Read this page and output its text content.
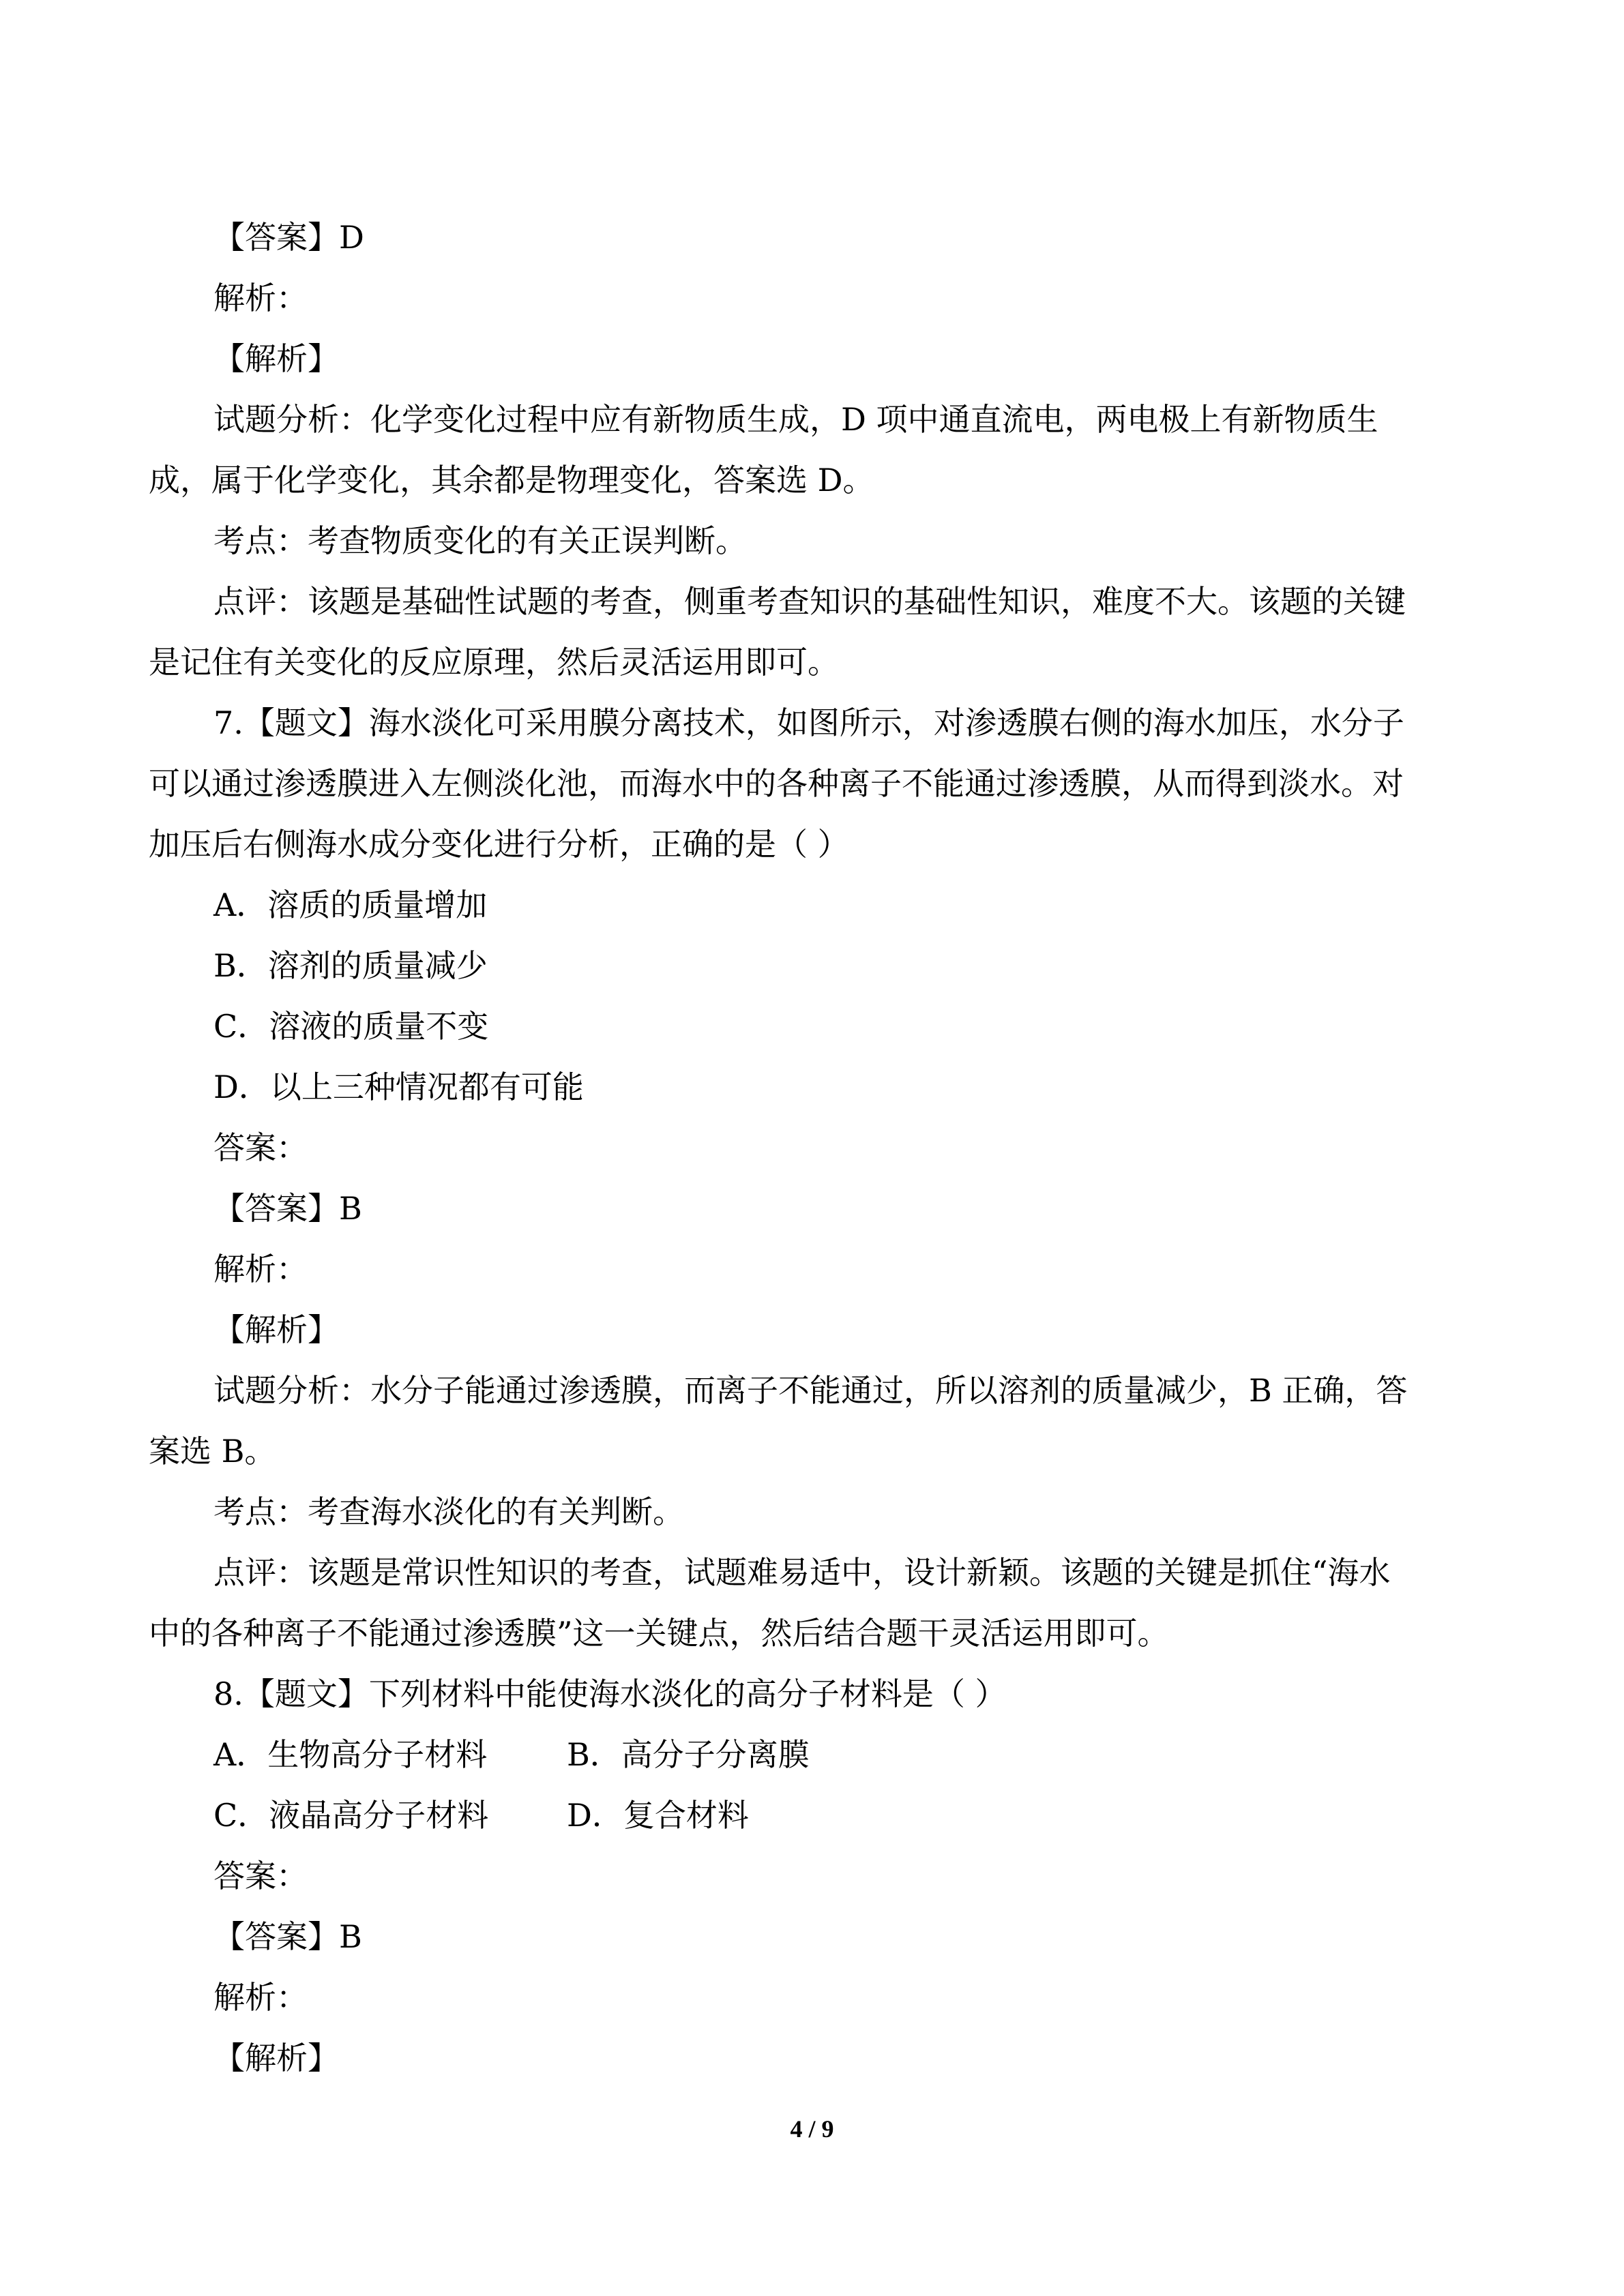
【答案】D
解析：
【解析】
试题分析：化学变化过程中应有新物质生成，D 项中通直流电，两电极上有新物质生
成，属于化学变化，其余都是物理变化，答案选 D。
考点：考查物质变化的有关正误判断。
点评：该题是基础性试题的考查，侧重考查知识的基础性知识，难度不大。该题的关键
是记住有关变化的反应原理，然后灵活运用即可。
7.【题文】海水淡化可采用膜分离技术，如图所示，对渗透膜右侧的海水加压，水分子
可以通过渗透膜进入左侧淡化池，而海水中的各种离子不能通过渗透膜，从而得到淡水。对
加压后右侧海水成分变化进行分析，正确的是（ ）
A．溶质的质量增加
B．溶剂的质量减少
C．溶液的质量不变
D．以上三种情况都有可能
答案：
【答案】B
解析：
【解析】
试题分析：水分子能通过渗透膜，而离子不能通过，所以溶剂的质量减少，B 正确，答
案选 B。
考点：考查海水淡化的有关判断。
点评：该题是常识性知识的考查，试题难易适中，设计新颖。该题的关键是抓住“海水
中的各种离子不能通过渗透膜”这一关键点，然后结合题干灵活运用即可。
8.【题文】下列材料中能使海水淡化的高分子材料是（ ）
A．生物高分子材料	B．高分子分离膜
C．液晶高分子材料 D．复合材料
答案：
【答案】B
解析：
【解析】
4 / 9
